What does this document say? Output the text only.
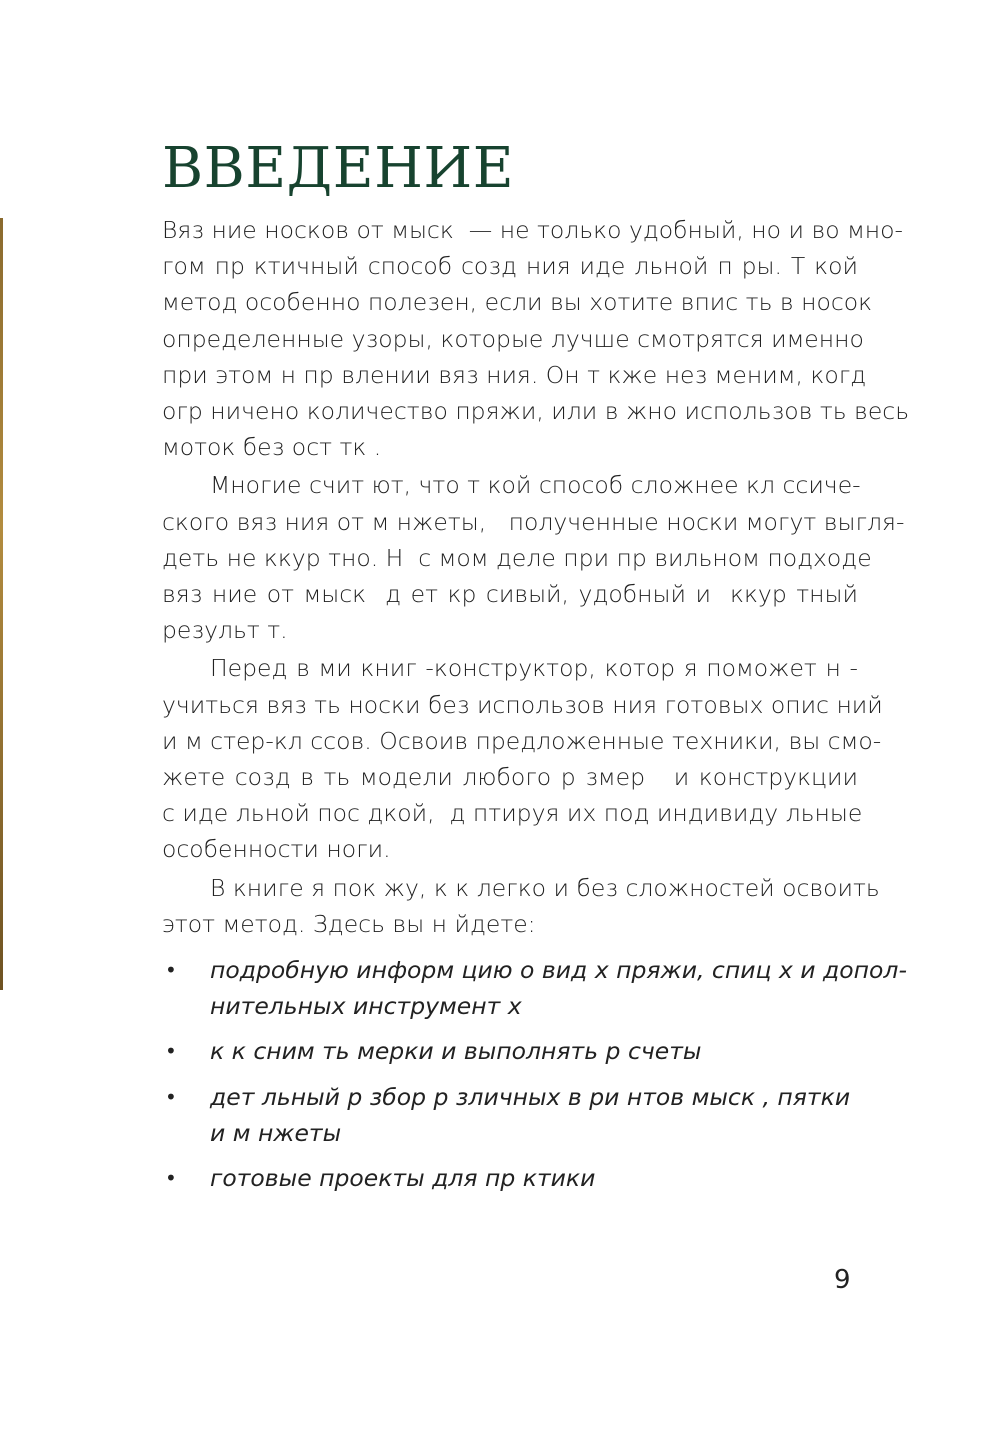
ВВЕДЕНИЕ

Вяз ние носков от мыск  — не только удобный, но и во мно-
гом пр ктичный способ созд ния иде льной п ры. Т кой
метод особенно полезен, если вы хотите впис ть в носок
определенные узоры, которые лучше смотрятся именно
при этом н пр влении вяз ния. Он т кже нез меним, когд
огр ничено количество пряжи, или в жно использов ть весь
моток без ост тк .

Многие счит ют, что т кой способ сложнее кл ссиче-
ского вяз ния от м нжеты,   полученные носки могут выгля-
деть не ккур тно. Н  с мом деле при пр вильном подходе
вяз ние от мыск  д ет кр сивый, удобный и  ккур тный
результ т.

Перед в ми книг -конструктор, котор я поможет н -
учиться вяз ть носки без использов ния готовых опис ний
и м стер-кл ссов. Освоив предложенные техники, вы смо-
жете созд в ть модели любого р змер   и конструкции
с иде льной пос дкой,  д птируя их под индивиду льные
особенности ноги.

В книге я пок жу, к к легко и без сложностей освоить
этот метод. Здесь вы н йдете:

• подробную информ цию о вид х пряжи, спиц х и допол-
нительных инструмент х
• к к сним ть мерки и выполнять р счеты
• дет льный р збор р зличных в ри нтов мыск , пятки
и м нжеты
• готовые проекты для пр ктики
9
